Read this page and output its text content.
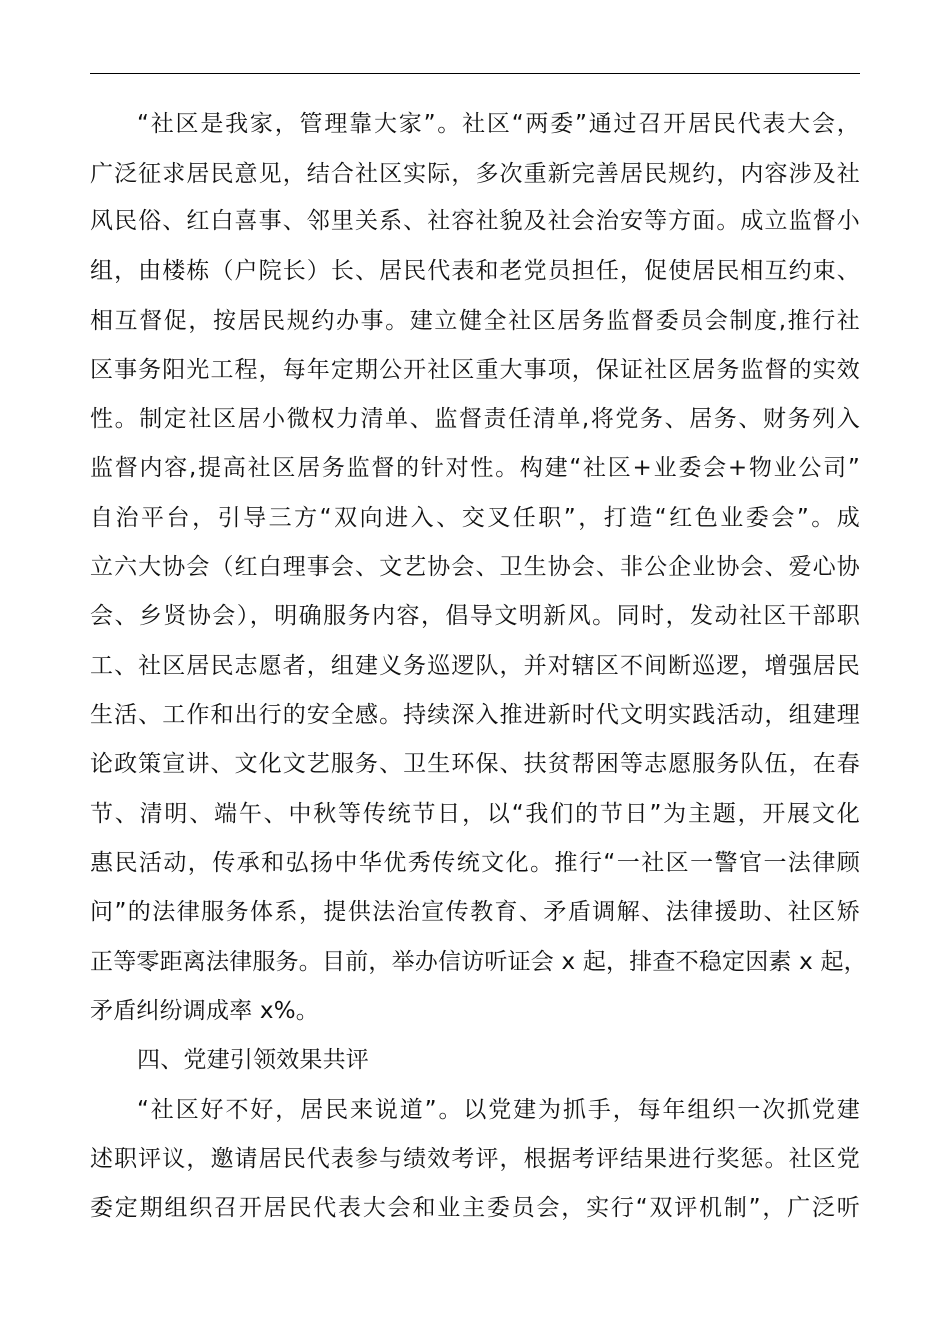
“社区是我家，管理靠大家”。社区“两委”通过召开居民代表大会，
广泛征求居民意见，结合社区实际，多次重新完善居民规约，内容涉及社
风民俗、红白喜事、邻里关系、社容社貌及社会治安等方面。成立监督小
组，由楼栋（户院长）长、居民代表和老党员担任，促使居民相互约束、
相互督促，按居民规约办事。建立健全社区居务监督委员会制度,推行社
区事务阳光工程，每年定期公开社区重大事项，保证社区居务监督的实效
性。制定社区居小微权力清单、监督责任清单,将党务、居务、财务列入
监督内容,提高社区居务监督的针对性。构建“社区+业委会+物业公司”
自治平台，引导三方“双向进入、交叉任职”，打造“红色业委会”。成
立六大协会（红白理事会、文艺协会、卫生协会、非公企业协会、爱心协
会、乡贤协会），明确服务内容，倡导文明新风。同时，发动社区干部职
工、社区居民志愿者，组建义务巡逻队，并对辖区不间断巡逻，增强居民
生活、工作和出行的安全感。持续深入推进新时代文明实践活动，组建理
论政策宣讲、文化文艺服务、卫生环保、扶贫帮困等志愿服务队伍，在春
节、清明、端午、中秋等传统节日，以“我们的节日”为主题，开展文化
惠民活动，传承和弘扬中华优秀传统文化。推行“一社区一警官一法律顾
问”的法律服务体系，提供法治宣传教育、矛盾调解、法律援助、社区矫
正等零距离法律服务。目前，举办信访听证会 x 起，排查不稳定因素 x 起，
矛盾纠纷调成率 x%。
四、党建引领效果共评
“社区好不好，居民来说道”。以党建为抓手，每年组织一次抓党建
述职评议，邀请居民代表参与绩效考评，根据考评结果进行奖惩。社区党
委定期组织召开居民代表大会和业主委员会，实行“双评机制”，广泛听
